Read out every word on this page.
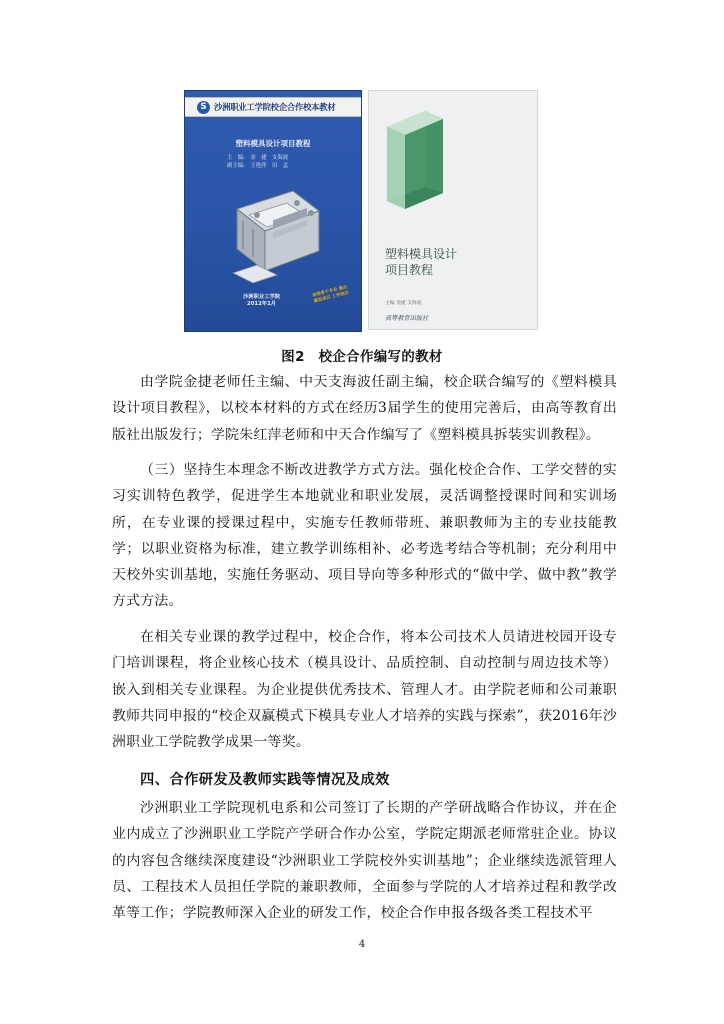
S 沙洲职业工学院校企合作校本教材
塑料模具设计项目教程
主　编:　金　捷　支海波
副主编:　王艳萍　田　孟
沙洲职业工学院
2012年1月
省级骨干专业 重点建设项目 工学结合
塑料模具设计
项目教程
主编 金捷 支海波
高等教育出版社
图2　校企合作编写的教材

由学院金捷老师任主编、中天支海波任副主编，校企联合编写的《塑料模具设计项目教程》，以校本材料的方式在经历3届学生的使用完善后，由高等教育出版社出版发行；学院朱红萍老师和中天合作编写了《塑料模具拆装实训教程》。

（三）坚持生本理念不断改进教学方式方法。强化校企合作、工学交替的实习实训特色教学，促进学生本地就业和职业发展，灵活调整授课时间和实训场所，在专业课的授课过程中，实施专任教师带班、兼职教师为主的专业技能教学；以职业资格为标准，建立教学训练相补、必考选考结合等机制；充分利用中天校外实训基地，实施任务驱动、项目导向等多种形式的“做中学、做中教”教学方式方法。

在相关专业课的教学过程中，校企合作，将本公司技术人员请进校园开设专门培训课程，将企业核心技术（模具设计、品质控制、自动控制与周边技术等）嵌入到相关专业课程。为企业提供优秀技术、管理人才。由学院老师和公司兼职教师共同申报的“校企双赢模式下模具专业人才培养的实践与探索”，获2016年沙洲职业工学院教学成果一等奖。

四、合作研发及教师实践等情况及成效

沙洲职业工学院现机电系和公司签订了长期的产学研战略合作协议，并在企业内成立了沙洲职业工学院产学研合作办公室，学院定期派老师常驻企业。协议的内容包含继续深度建设“沙洲职业工学院校外实训基地”；企业继续选派管理人员、工程技术人员担任学院的兼职教师，全面参与学院的人才培养过程和教学改革等工作；学院教师深入企业的研发工作，校企合作申报各级各类工程技术平

4
